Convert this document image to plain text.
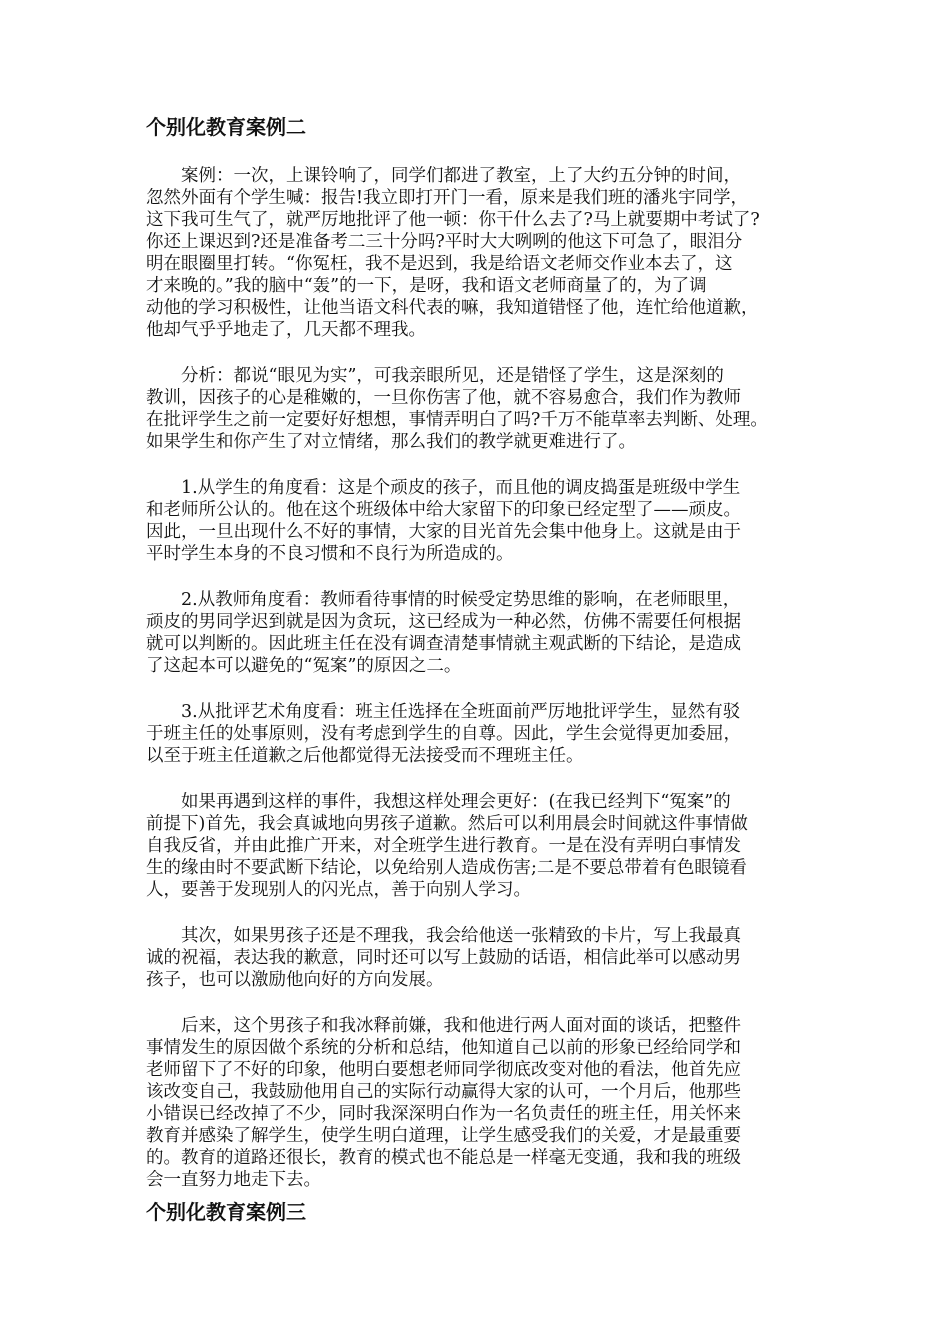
个别化教育案例二
案例：一次，上课铃响了，同学们都进了教室，上了大约五分钟的时间，
忽然外面有个学生喊：报告!我立即打开门一看，原来是我们班的潘兆宇同学，
这下我可生气了，就严厉地批评了他一顿：你干什么去了?马上就要期中考试了?
你还上课迟到?还是准备考二三十分吗?平时大大咧咧的他这下可急了，眼泪分
明在眼圈里打转。“你冤枉，我不是迟到，我是给语文老师交作业本去了，这
才来晚的。”我的脑中“轰”的一下，是呀，我和语文老师商量了的，为了调
动他的学习积极性，让他当语文科代表的嘛，我知道错怪了他，连忙给他道歉，
他却气乎乎地走了，几天都不理我。
分析：都说“眼见为实”，可我亲眼所见，还是错怪了学生，这是深刻的
教训，因孩子的心是稚嫩的，一旦你伤害了他，就不容易愈合，我们作为教师
在批评学生之前一定要好好想想，事情弄明白了吗?千万不能草率去判断、处理。
如果学生和你产生了对立情绪，那么我们的教学就更难进行了。
1.从学生的角度看：这是个顽皮的孩子，而且他的调皮捣蛋是班级中学生
和老师所公认的。他在这个班级体中给大家留下的印象已经定型了——顽皮。
因此，一旦出现什么不好的事情，大家的目光首先会集中他身上。这就是由于
平时学生本身的不良习惯和不良行为所造成的。
2.从教师角度看：教师看待事情的时候受定势思维的影响，在老师眼里，
顽皮的男同学迟到就是因为贪玩，这已经成为一种必然，仿佛不需要任何根据
就可以判断的。因此班主任在没有调查清楚事情就主观武断的下结论，是造成
了这起本可以避免的“冤案”的原因之二。
3.从批评艺术角度看：班主任选择在全班面前严厉地批评学生，显然有驳
于班主任的处事原则，没有考虑到学生的自尊。因此，学生会觉得更加委屈，
以至于班主任道歉之后他都觉得无法接受而不理班主任。
如果再遇到这样的事件，我想这样处理会更好：(在我已经判下“冤案”的
前提下)首先，我会真诚地向男孩子道歉。然后可以利用晨会时间就这件事情做
自我反省，并由此推广开来，对全班学生进行教育。一是在没有弄明白事情发
生的缘由时不要武断下结论，以免给别人造成伤害;二是不要总带着有色眼镜看
人，要善于发现别人的闪光点，善于向别人学习。
其次，如果男孩子还是不理我，我会给他送一张精致的卡片，写上我最真
诚的祝福，表达我的歉意，同时还可以写上鼓励的话语，相信此举可以感动男
孩子，也可以激励他向好的方向发展。
后来，这个男孩子和我冰释前嫌，我和他进行两人面对面的谈话，把整件
事情发生的原因做个系统的分析和总结，他知道自己以前的形象已经给同学和
老师留下了不好的印象，他明白要想老师同学彻底改变对他的看法，他首先应
该改变自己，我鼓励他用自己的实际行动赢得大家的认可，一个月后，他那些
小错误已经改掉了不少，同时我深深明白作为一名负责任的班主任，用关怀来
教育并感染了解学生，使学生明白道理，让学生感受我们的关爱，才是最重要
的。教育的道路还很长，教育的模式也不能总是一样毫无变通，我和我的班级
会一直努力地走下去。
个别化教育案例三
